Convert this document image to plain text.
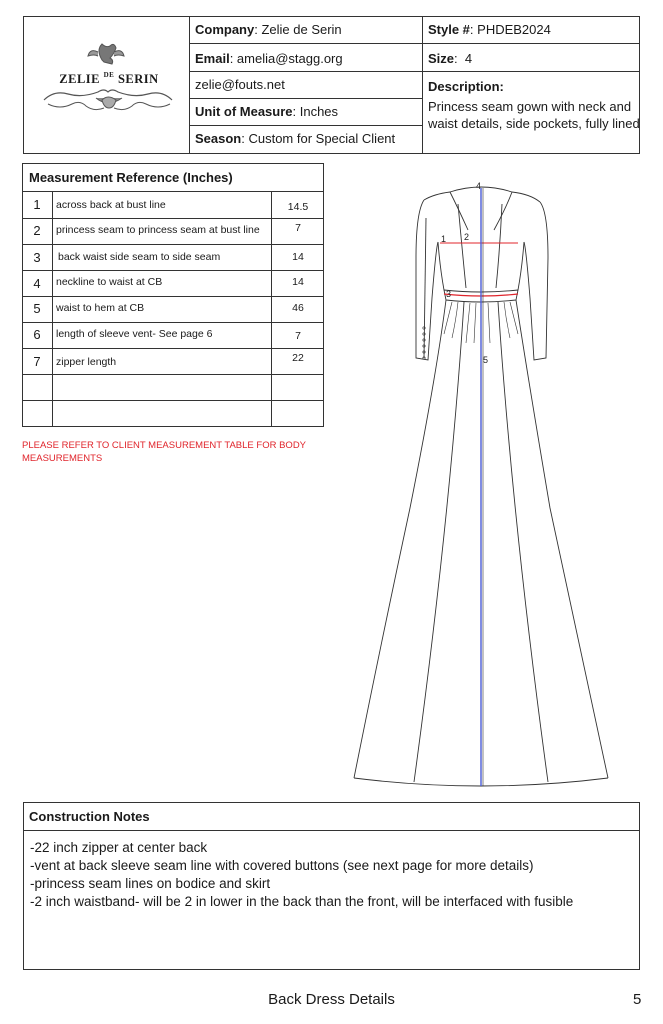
ZELIE $^{DE}$ SERIN
Company: Zelie de Serin
Email: amelia@stagg.org
zelie@fouts.net
Unit of Measure: Inches
Season: Custom for Special Client
Style #: PHDEB2024
Size:  4
Description:
Princess seam gown with neck and waist details, side pockets, fully lined
Measurement Reference (Inches)
1	across back at bust line	14.5
2	princess seam to princess seam at bust line	7
3	back waist side seam to side seam	14
4	neckline to waist at CB	14
5	waist to hem at CB	46
6	length of sleeve vent- See page 6	7
7	zipper length	22
PLEASE REFER TO CLIENT MEASUREMENT TABLE FOR BODY MEASUREMENTS
1 2
3
4
5
Construction Notes
-22 inch zipper at center back
-vent at back sleeve seam line with covered buttons (see next page for more details)
-princess seam lines on bodice and skirt
-2 inch waistband- will be 2 in lower in the back than the front, will be interfaced with fusible
Back Dress Details	5
